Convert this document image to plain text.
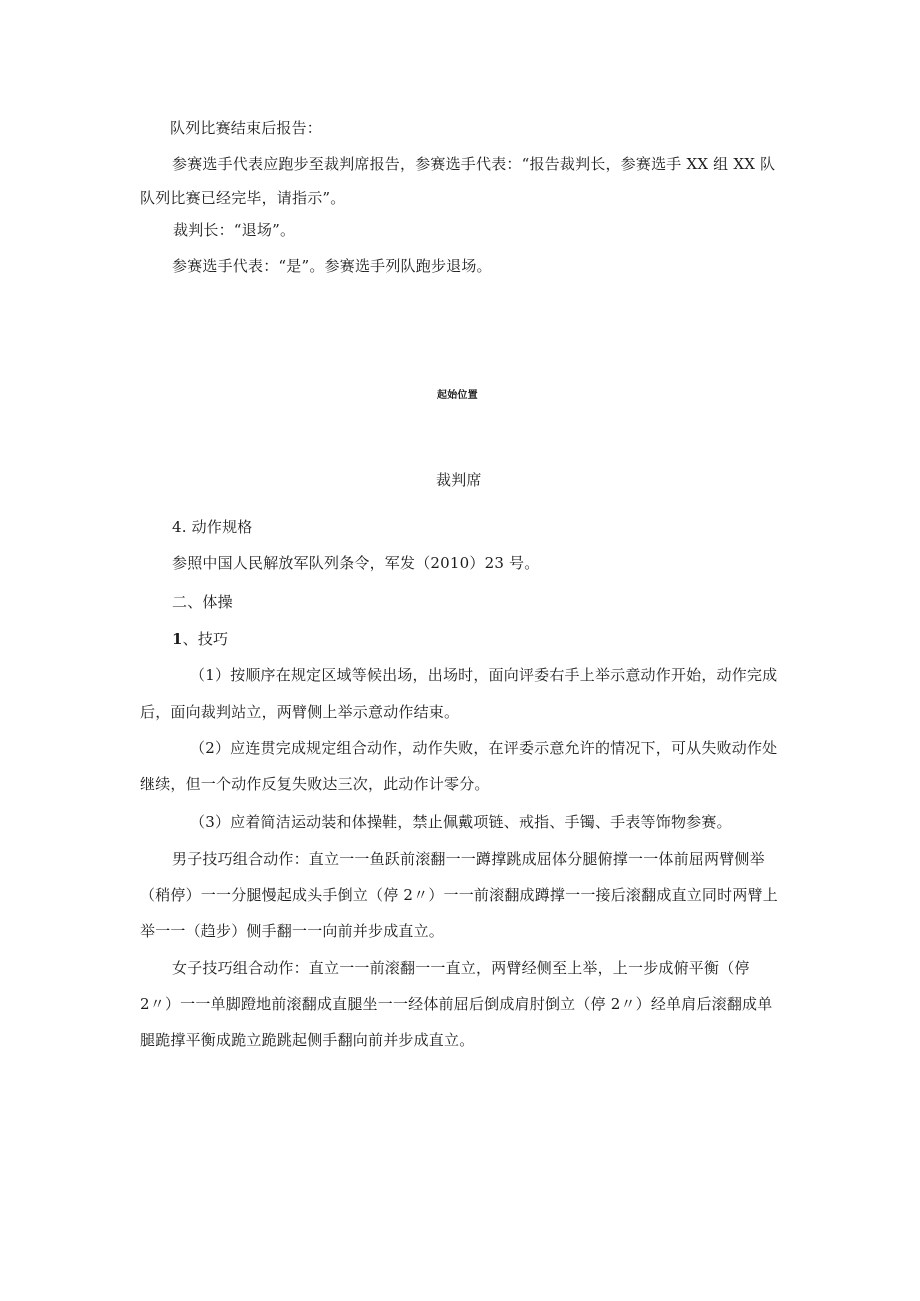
队列比赛结束后报告：
参赛选手代表应跑步至裁判席报告，参赛选手代表：“报告裁判长，参赛选手 XX 组 XX 队
队列比赛已经完毕，请指示”。
裁判长：“退场”。
参赛选手代表：“是”。参赛选手列队跑步退场。
起始位置
裁判席
4. 动作规格
参照中国人民解放军队列条令，军发（2010）23 号。
二、体操
1、技巧
（1）按顺序在规定区域等候出场，出场时，面向评委右手上举示意动作开始，动作完成
后，面向裁判站立，两臂侧上举示意动作结束。
（2）应连贯完成规定组合动作，动作失败，在评委示意允许的情况下，可从失败动作处
继续，但一个动作反复失败达三次，此动作计零分。
（3）应着简洁运动装和体操鞋，禁止佩戴项链、戒指、手镯、手表等饰物参赛。
男子技巧组合动作：直立一一鱼跃前滚翻一一蹲撑跳成屈体分腿俯撑一一体前屈两臂侧举
（稍停）一一分腿慢起成头手倒立（停 2〃）一一前滚翻成蹲撑一一接后滚翻成直立同时两臂上
举一一（趋步）侧手翻一一向前并步成直立。
女子技巧组合动作：直立一一前滚翻一一直立，两臂经侧至上举，上一步成俯平衡（停
2〃）一一单脚蹬地前滚翻成直腿坐一一经体前屈后倒成肩肘倒立（停 2〃）经单肩后滚翻成单
腿跪撑平衡成跪立跪跳起侧手翻向前并步成直立。
